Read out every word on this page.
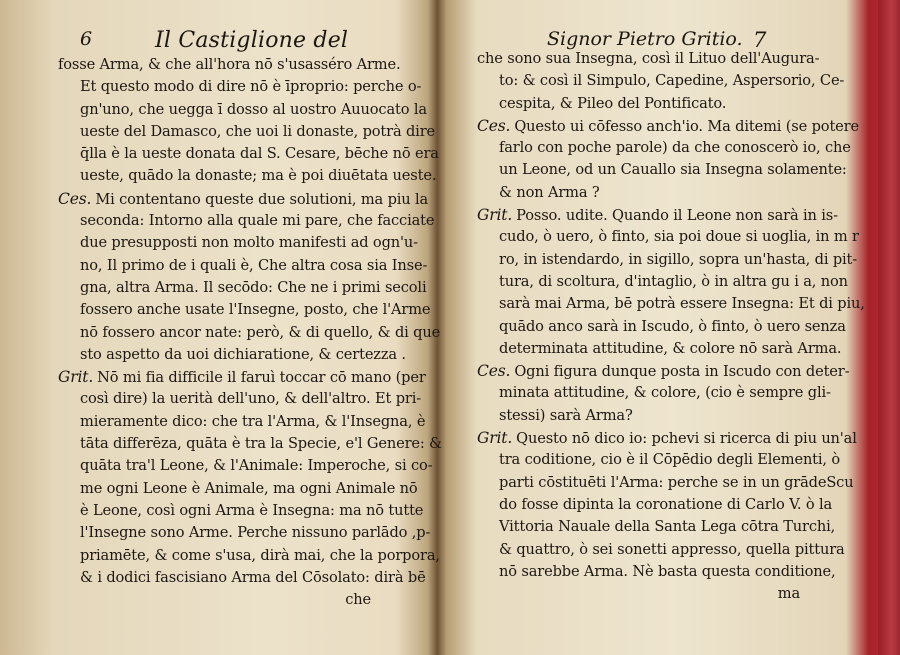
6	Il Castiglione del
fosse Arma, & che all'hora nō s'usasséro Arme.
Et questo modo di dire nō è īproprio: perche o-
gn'uno, che uegga ī dosso al uostro Auuocato la
ueste del Damasco, che uoi li donaste, potrà dire
q̄lla è la ueste donata dal S. Cesare, bēche nō era
ueste, quādo la donaste; ma è poi diuētata ueste.
Ces. Mi contentano queste due solutioni, ma piu la
seconda: Intorno alla quale mi pare, che facciate
due presupposti non molto manifesti ad ogn'u-
no, Il primo de i quali è, Che altra cosa sia Inse-
gna, altra Arma. Il secōdo: Che ne i primi secoli
fossero anche usate l'Insegne, posto, che l'Arme
nō fossero ancor nate: però, & di quello, & di que
sto aspetto da uoi dichiaratione, & certezza .
Grit. Nō mi fia difficile il faruì toccar cō mano (per
così dire) la uerità dell'uno, & dell'altro. Et pri-
mieramente dico: che tra l'Arma, & l'Insegna, è
tāta differēza, quāta è tra la Specie, e'l Genere: &
quāta tra'l Leone, & l'Animale: Imperoche, si co-
me ogni Leone è Animale, ma ogni Animale nō
è Leone, così ogni Arma è Insegna: ma nō tutte
l'Insegne sono Arme. Perche nissuno parlādo ,p-
priamēte, & come s'usa, dirà mai, che la porpora,
& i dodici fascisiano Arma del Cōsolato: dirà bē
che
Signor Pietro Gritio. 7
che sono sua Insegna, così il Lituo dell'Augura-
to: & così il Simpulo, Capedine, Aspersorio, Ce-
cespita, & Pileo del Pontificato.
Ces. Questo ui cōfesso anch'io. Ma ditemi (se potere
farlo con poche parole) da che conoscerò io, che
un Leone, od un Cauallo sia Insegna solamente:
& non Arma ?
Grit. Posso. udite. Quando il Leone non sarà in is-
cudo, ò uero, ò finto, sia poi doue si uoglia, in m r
ro, in istendardo, in sigillo, sopra un'hasta, di pit-
tura, di scoltura, d'intaglio, ò in altra gu i a, non
sarà mai Arma, bē potrà essere Insegna: Et di piu,
quādo anco sarà in Iscudo, ò finto, ò uero senza
determinata attitudine, & colore nō sarà Arma.
Ces. Ogni figura dunque posta in Iscudo con deter-
minata attitudine, & colore, (cio è sempre gli-
stessi) sarà Arma?
Grit. Questo nō dico io: pchevi si ricerca di piu un'al
tra coditione, cio è il Cōpēdio degli Elementi, ò
parti cōstituēti l'Arma: perche se in un grādeScu
do fosse dipinta la coronatione di Carlo V. ò la
Vittoria Nauale della Santa Lega cōtra Turchi,
& quattro, ò sei sonetti appresso, quella pittura
nō sarebbe Arma. Nè basta questa conditione,
ma
